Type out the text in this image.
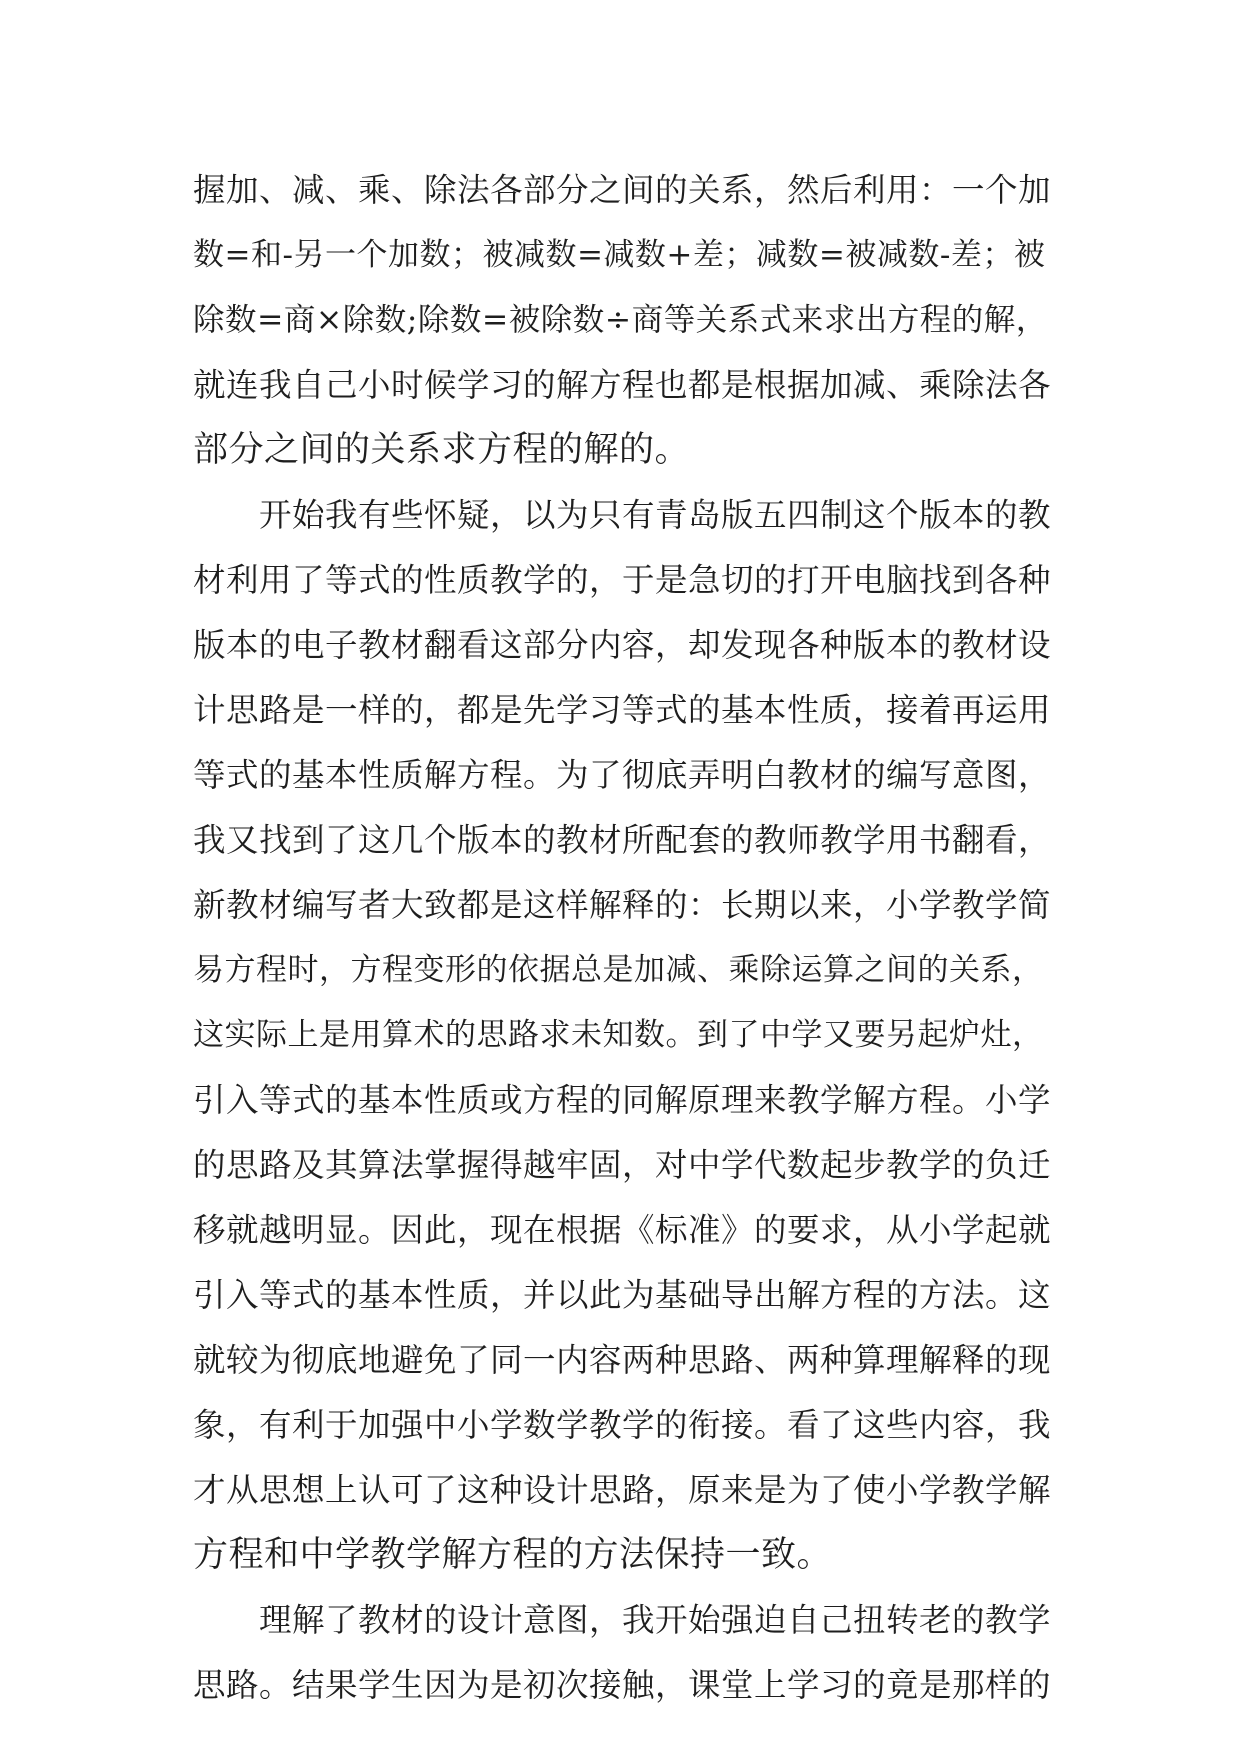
握加、减、乘、除法各部分之间的关系，然后利用：一个加
数=和-另一个加数；被减数=减数+差；减数=被减数-差；被
除数=商×除数;除数=被除数÷商等关系式来求出方程的解，
就连我自己小时候学习的解方程也都是根据加减、乘除法各
部分之间的关系求方程的解的。
开始我有些怀疑，以为只有青岛版五四制这个版本的教
材利用了等式的性质教学的，于是急切的打开电脑找到各种
版本的电子教材翻看这部分内容，却发现各种版本的教材设
计思路是一样的，都是先学习等式的基本性质，接着再运用
等式的基本性质解方程。为了彻底弄明白教材的编写意图，
我又找到了这几个版本的教材所配套的教师教学用书翻看，
新教材编写者大致都是这样解释的：长期以来，小学教学简
易方程时，方程变形的依据总是加减、乘除运算之间的关系，
这实际上是用算术的思路求未知数。到了中学又要另起炉灶，
引入等式的基本性质或方程的同解原理来教学解方程。小学
的思路及其算法掌握得越牢固，对中学代数起步教学的负迁
移就越明显。因此，现在根据《标准》的要求，从小学起就
引入等式的基本性质，并以此为基础导出解方程的方法。这
就较为彻底地避免了同一内容两种思路、两种算理解释的现
象，有利于加强中小学数学教学的衔接。看了这些内容，我
才从思想上认可了这种设计思路，原来是为了使小学教学解
方程和中学教学解方程的方法保持一致。
理解了教材的设计意图，我开始强迫自己扭转老的教学
思路。结果学生因为是初次接触，课堂上学习的竟是那样的
